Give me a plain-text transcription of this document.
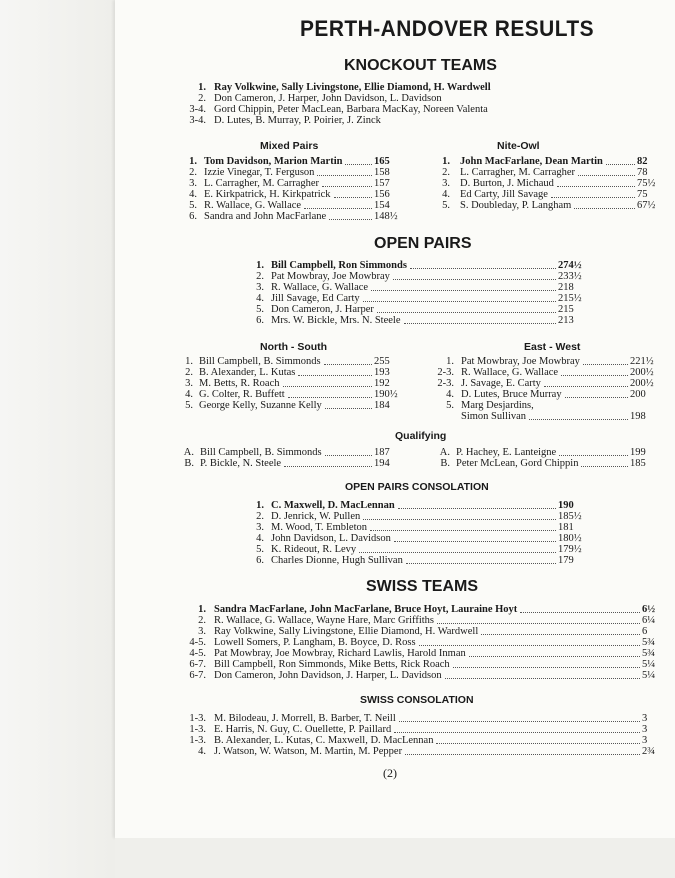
PERTH-ANDOVER RESULTS
KNOCKOUT TEAMS
1. Ray Volkwine, Sally Livingstone, Ellie Diamond, H. Wardwell
2. Don Cameron, J. Harper, John Davidson, L. Davidson
3-4. Gord Chippin, Peter MacLean, Barbara MacKay, Noreen Valenta
3-4. D. Lutes, B. Murray, P. Poirier, J. Zinck
Mixed Pairs
1. Tom Davidson, Marion Martin	165
2. Izzie Vinegar, T. Ferguson	158
3. L. Carragher, M. Carragher	157
4. E. Kirkpatrick, H. Kirkpatrick	156
5. R. Wallace, G. Wallace	154
6. Sandra and John MacFarlane	148½
Nite-Owl
1. John MacFarlane, Dean Martin	82
2. L. Carragher, M. Carragher	78
3. D. Burton, J. Michaud	75½
4. Ed Carty, Jill Savage	75
5. S. Doubleday, P. Langham	67½
OPEN PAIRS
1. Bill Campbell, Ron Simmonds	274½
2. Pat Mowbray, Joe Mowbray	233½
3. R. Wallace, G. Wallace	218
4. Jill Savage, Ed Carty	215½
5. Don Cameron, J. Harper	215
6. Mrs. W. Bickle, Mrs. N. Steele	213
North - South
1. Bill Campbell, B. Simmonds	255
2. B. Alexander, L. Kutas	193
3. M. Betts, R. Roach	192
4. G. Colter, R. Buffett	190½
5. George Kelly, Suzanne Kelly	184
East - West
1. Pat Mowbray, Joe Mowbray	221½
2-3. R. Wallace, G. Wallace	200½
2-3. J. Savage, E. Carty	200½
4. D. Lutes, Bruce Murray	200
5. Marg Desjardins,
Simon Sullivan	198
Qualifying
A. Bill Campbell, B. Simmonds	187
B. P. Bickle, N. Steele	194
A. P. Hachey, E. Lanteigne	199
B. Peter McLean, Gord Chippin	185
OPEN PAIRS CONSOLATION
1. C. Maxwell, D. MacLennan	190
2. D. Jenrick, W. Pullen	185½
3. M. Wood, T. Embleton	181
4. John Davidson, L. Davidson	180½
5. K. Rideout, R. Levy	179½
6. Charles Dionne, Hugh Sullivan	179
SWISS TEAMS
1. Sandra MacFarlane, John MacFarlane, Bruce Hoyt, Lauraine Hoyt	6½
2. R. Wallace, G. Wallace, Wayne Hare, Marc Griffiths	6¼
3. Ray Volkwine, Sally Livingstone, Ellie Diamond, H. Wardwell	6
4-5. Lowell Somers, P. Langham, B. Boyce, D. Ross	5¾
4-5. Pat Mowbray, Joe Mowbray, Richard Lawlis, Harold Inman	5¾
6-7. Bill Campbell, Ron Simmonds, Mike Betts, Rick Roach	5¼
6-7. Don Cameron, John Davidson, J. Harper, L. Davidson	5¼
SWISS CONSOLATION
1-3. M. Bilodeau, J. Morrell, B. Barber, T. Neill	3
1-3. E. Harris, N. Guy, C. Ouellette, P. Paillard	3
1-3. B. Alexander, L. Kutas, C. Maxwell, D. MacLennan	3
4. J. Watson, W. Watson, M. Martin, M. Pepper	2¾
(2)
